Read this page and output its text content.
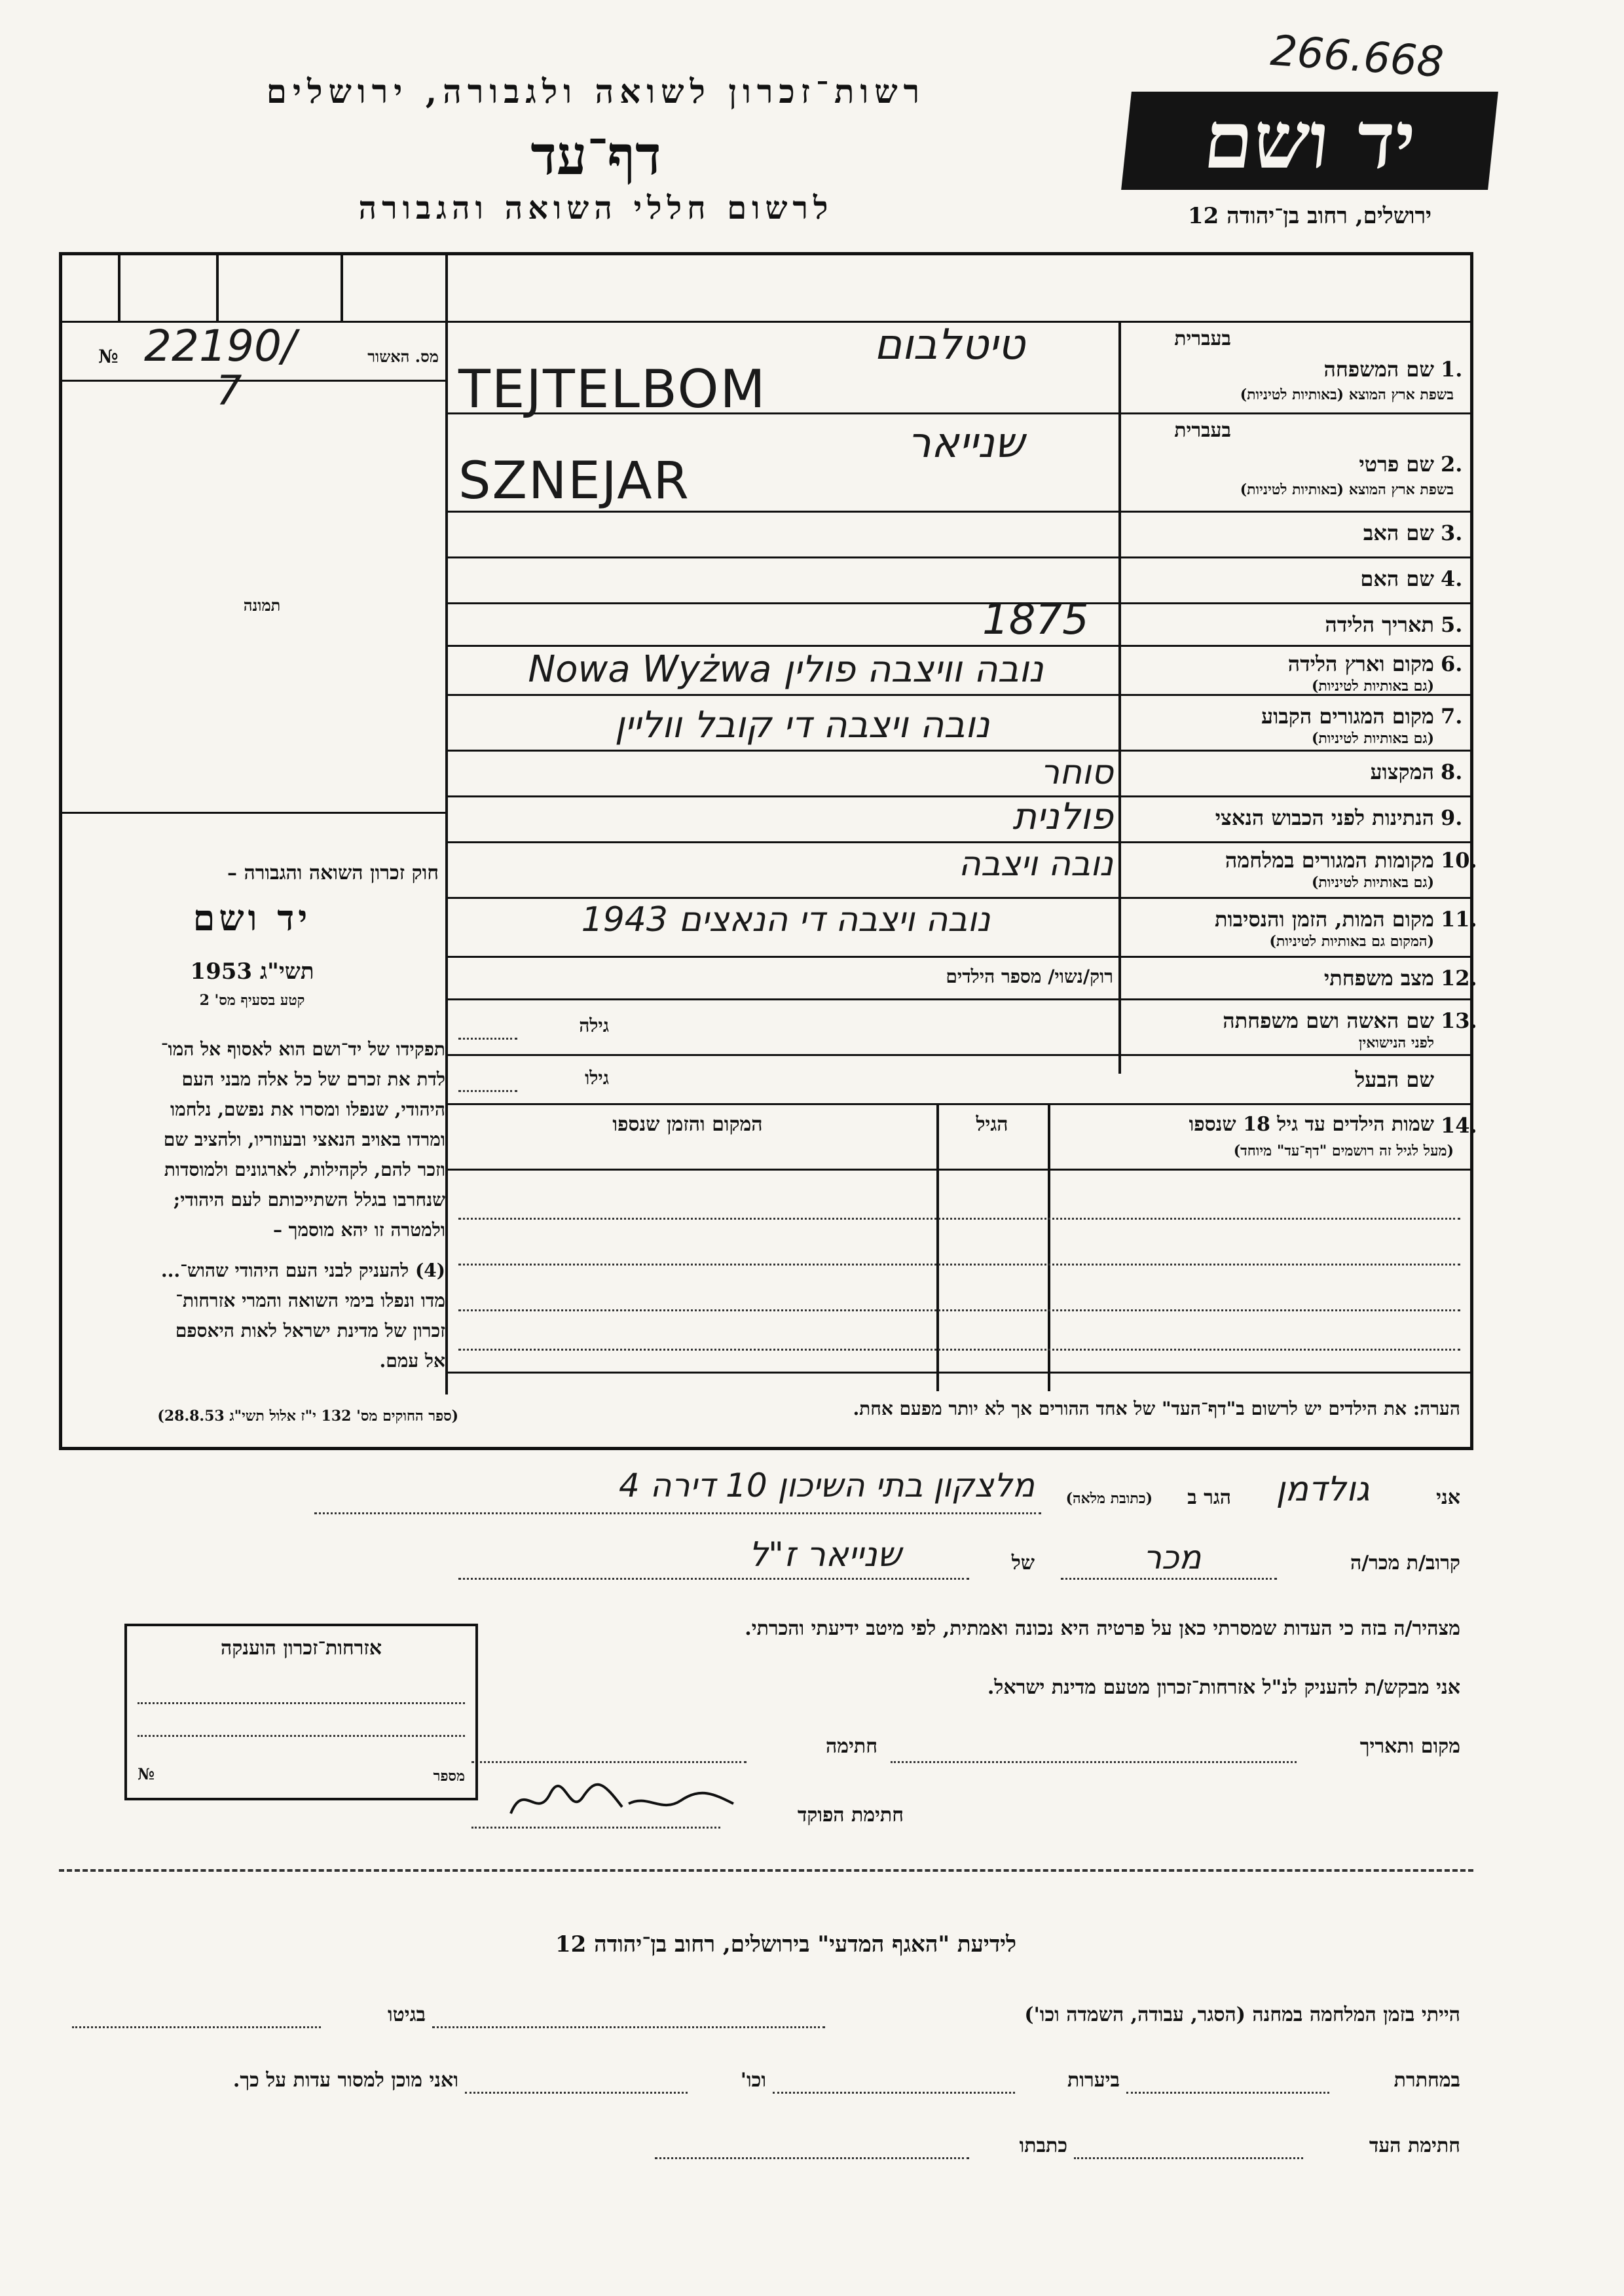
266.668
רשות־זכרון לשואה ולגבורה, ירושלים
דף־עד
לרשום חללי השואה והגבורה
יד ושם
ירושלים, רחוב בן־יהודה 12
מס. האשור
№ 22190/
7
תמונה
חוק זכרון השואה והגבורה –
יד ושם
תשי"ג 1953
קטע בסעיף מס' 2
תפקידו של יד־ושם הוא לאסוף אל המו־
לדת את זכרם של כל אלה מבני העם
היהודי, שנפלו ומסרו את נפשם, נלחמו
ומרדו באויב הנאצי ובעוזריו, ולהציב שם
וזכר להם, לקהילות, לארגונים ולמוסדות
שנחרבו בגלל השתייכותם לעם היהודי;
ולמטרה זו יהא מוסמך –
(4) להעניק לבני העם היהודי שהוש־...
מדו ונפלו בימי השואה והמרי אזרחות־
זכרון של מדינת ישראל לאות היאספם
אל עמם.
(ספר החוקים מס' 132 י"ז אלול תשי"ג 28.8.53)
בעברית
1.
שם המשפחה
בשפת ארץ המוצא (באותיות לטיניות)
טיטלבום
TEJTELBOM
בעברית
2.
שם פרטי
בשפת ארץ המוצא (באותיות לטיניות)
שנייאר
SZNEJAR
3.
שם האב
4.
שם האם
5.
תאריך הלידה
1875
6.
מקום וארץ הלידה
(גם באותיות לטיניות)
נובה וויצבה פולין Nowa Wyżwa
7.
מקום המגורים הקבוע
(גם באותיות לטיניות)
נובה ויצבה די קובל ווליין
8.
המקצוע
סוחר
9.
הנתינות לפני הכבוש הנאצי
פולנית
10.
מקומות המגורים במלחמה
(גם באותיות לטיניות)
נובה ויצבה
11.
מקום המות, הזמן והנסיבות
(המקום גם באותיות לטיניות)
נובה ויצבה די הנאצים 1943
12.
מצב משפחתי
רוק/נשוי/ מספר הילדים
13.
שם האשה ושם משפחתה
לפני הנישואין
גילה
שם הבעל
גילו
14.
שמות הילדים עד גיל 18 שנספו
(מעל לגיל זה רושמים "דף־עד" מיוחד)
הגיל
המקום והזמן שנספו
הערה: את הילדים יש לרשום ב"דף־העד" של אחד ההורים אך לא יותר מפעם אחת.
אני
גולדמן
הגר ב
(כתובת מלאה)
מלצקון בתי השיכון 10 דירה 4
קרוב/ת מכר/ה
מכר
של
שנייאר ז"ל
מצהיר/ה בזה כי העדות שמסרתי כאן על פרטיה היא נכונה ואמתית, לפי מיטב ידיעתי והכרתי.
אני מבקש/ת להעניק לנ"ל אזרחות־זכרון מטעם מדינת ישראל.
מקום ותאריך
חתימה
חתימת הפוקד
אזרחות־זכרון הוענקה
מספר
№
לידיעת "האגף המדעי" בירושלים, רחוב בן־יהודה 12
הייתי בזמן המלחמה במחנה (הסגר, עבודה, השמדה וכו')
בגיטו
במחתרת
ביערות
וכו'
ואני מוכן למסור עדות על כך.
חתימת העד
כתבתו
